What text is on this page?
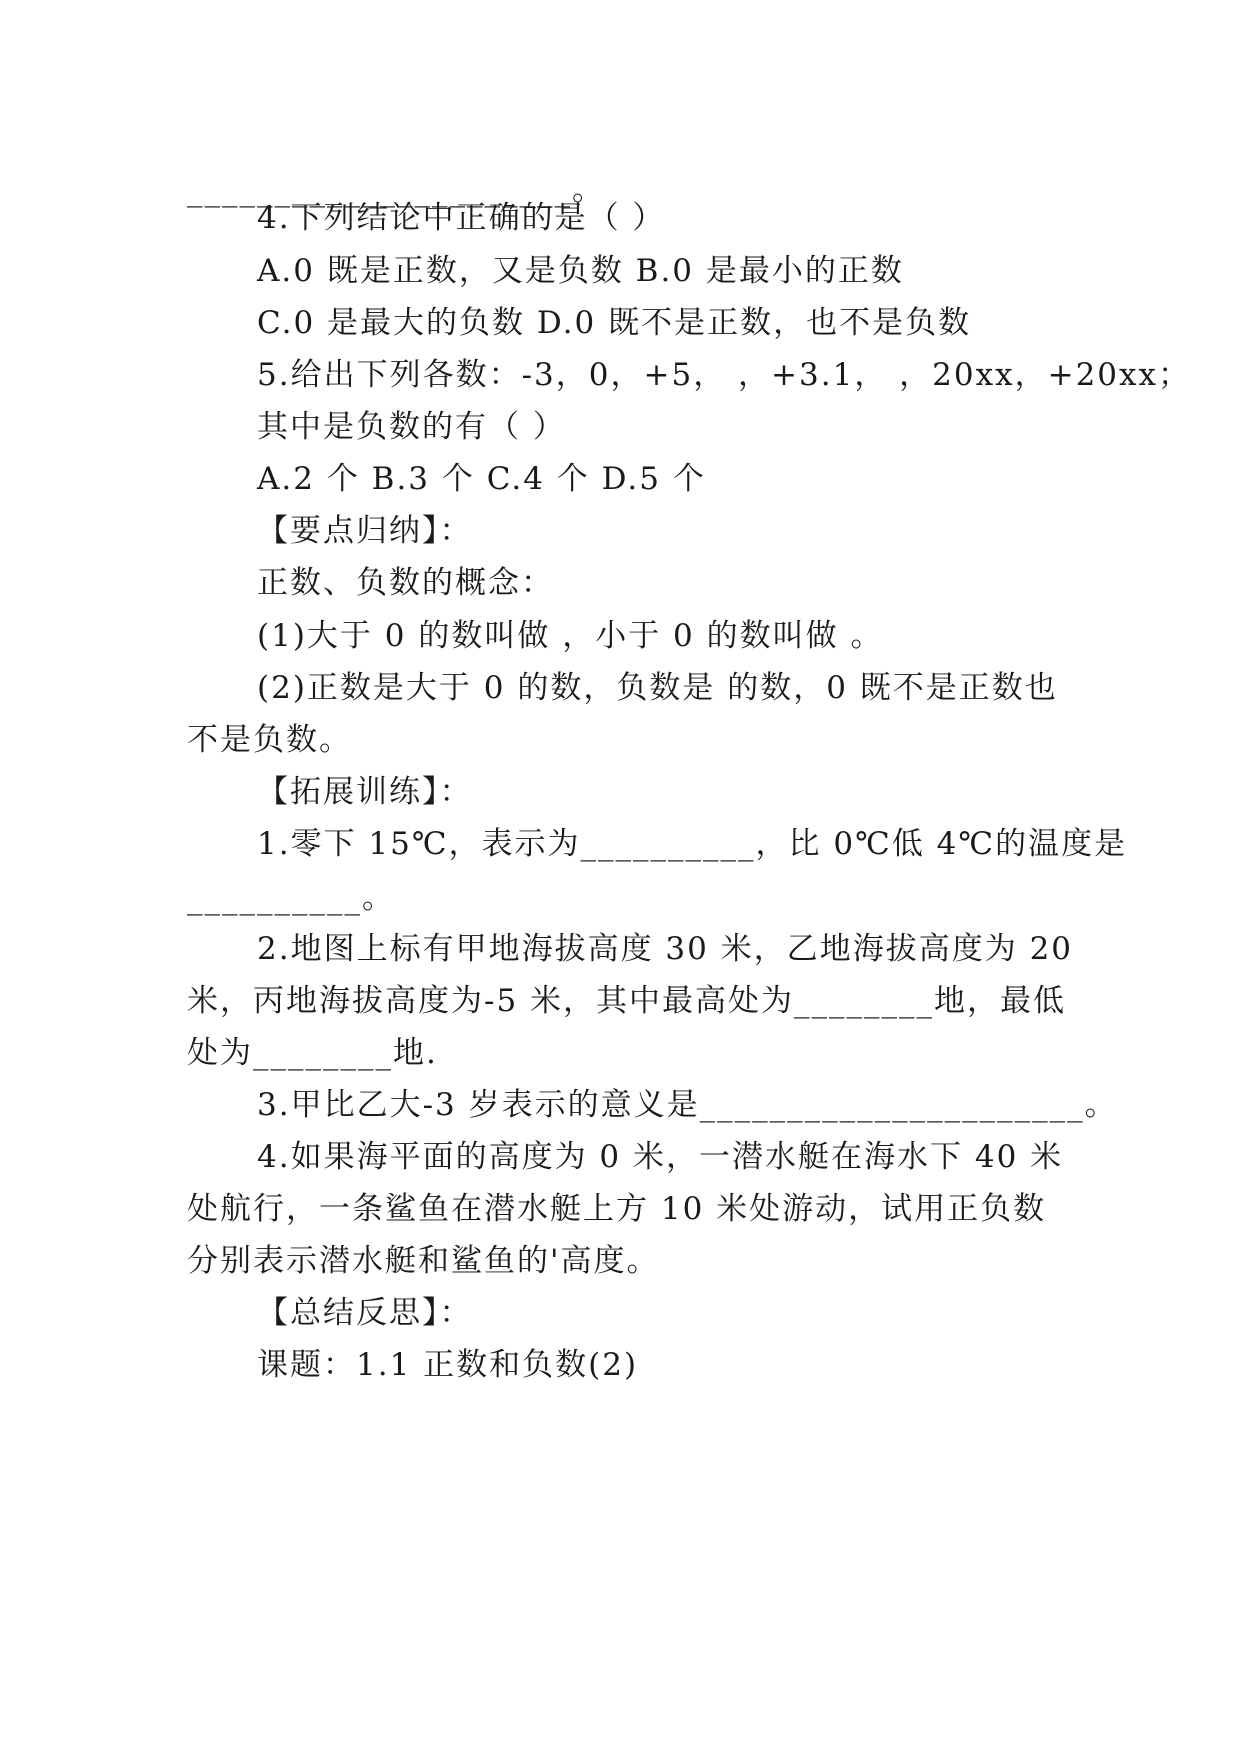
______________________。
4.下列结论中正确的是（ ）
A.0 既是正数，又是负数 B.0 是最小的正数
C.0 是最大的负数 D.0 既不是正数，也不是负数
5.给出下列各数：-3，0，+5， ，+3.1， ，20xx，+20xx；
其中是负数的有（ ）
A.2 个 B.3 个 C.4 个 D.5 个
【要点归纳】：
正数、负数的概念：
(1)大于 0 的数叫做 ，小于 0 的数叫做 。
(2)正数是大于 0 的数，负数是 的数，0 既不是正数也
不是负数。
【拓展训练】：
1.零下 15℃，表示为__________，比 0℃低 4℃的温度是
__________。
2.地图上标有甲地海拔高度 30 米，乙地海拔高度为 20
米，丙地海拔高度为-5 米，其中最高处为________地，最低
处为________地.
3.甲比乙大-3 岁表示的意义是______________________。
4.如果海平面的高度为 0 米，一潜水艇在海水下 40 米
处航行，一条鲨鱼在潜水艇上方 10 米处游动，试用正负数
分别表示潜水艇和鲨鱼的'高度。
【总结反思】：
课题：1.1 正数和负数(2)
